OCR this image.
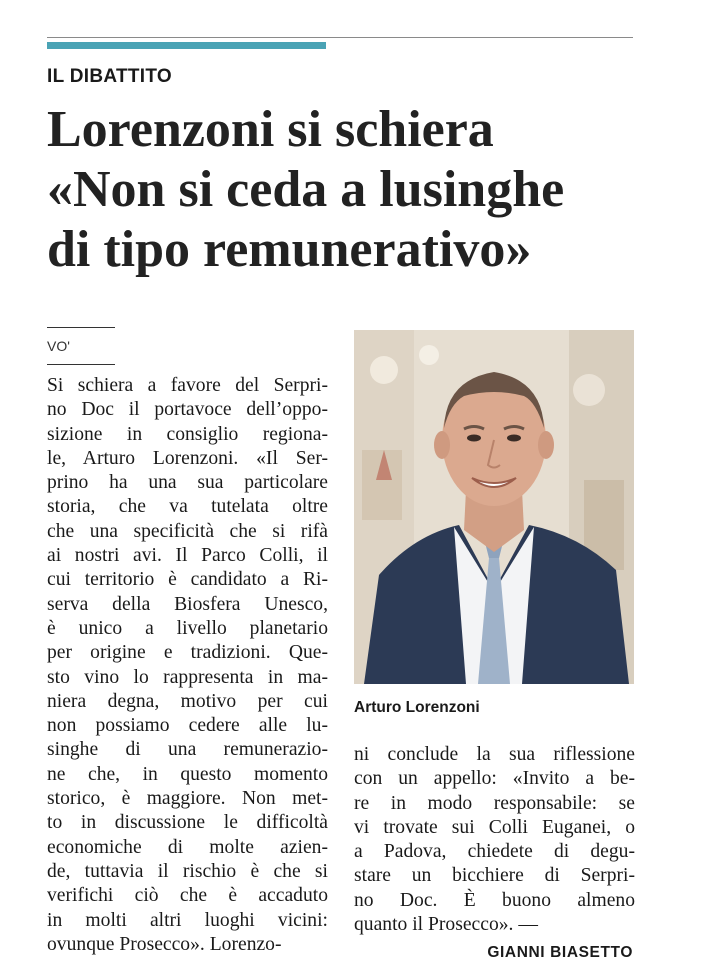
IL DIBATTITO
Lorenzoni si schiera
«Non si ceda a lusinghe
di tipo remunerativo»
VO'
Si schiera a favore del Serpri-
no Doc il portavoce dell’oppo-
sizione in consiglio regiona-
le, Arturo Lorenzoni. «Il Ser-
prino ha una sua particolare
storia, che va tutelata oltre
che una specificità che si rifà
ai nostri avi. Il Parco Colli, il
cui territorio è candidato a Ri-
serva della Biosfera Unesco,
è unico a livello planetario
per origine e tradizioni. Que-
sto vino lo rappresenta in ma-
niera degna, motivo per cui
non possiamo cedere alle lu-
singhe di una remunerazio-
ne che, in questo momento
storico, è maggiore. Non met-
to in discussione le difficoltà
economiche di molte azien-
de, tuttavia il rischio è che si
verifichi ciò che è accaduto
in molti altri luoghi vicini:
ovunque Prosecco». Lorenzo-
ni conclude la sua riflessione
con un appello: «Invito a be-
re in modo responsabile: se
vi trovate sui Colli Euganei, o
a Padova, chiedete di degu-
stare un bicchiere di Serpri-
no Doc. È buono almeno
quanto il Prosecco». —
Arturo Lorenzoni
GIANNI BIASETTO
